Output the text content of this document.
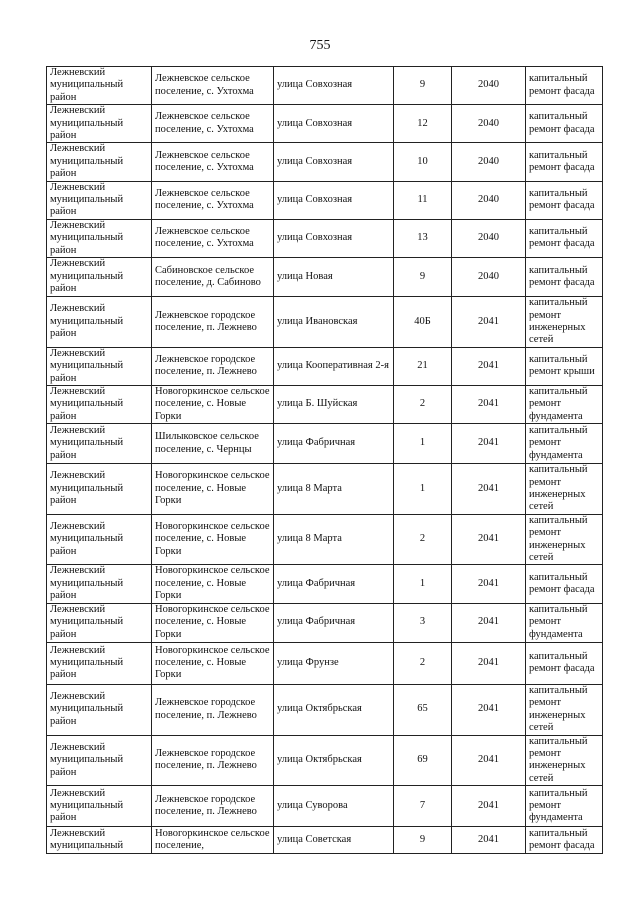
755
Лежневский муниципальный район	Лежневское сельское поселение, с. Ухтохма	улица Совхозная	9	2040	капитальный ремонт фасада
Лежневский муниципальный район	Лежневское сельское поселение, с. Ухтохма	улица Совхозная	12	2040	капитальный ремонт фасада
Лежневский муниципальный район	Лежневское сельское поселение, с. Ухтохма	улица Совхозная	10	2040	капитальный ремонт фасада
Лежневский муниципальный район	Лежневское сельское поселение, с. Ухтохма	улица Совхозная	11	2040	капитальный ремонт фасада
Лежневский муниципальный район	Лежневское сельское поселение, с. Ухтохма	улица Совхозная	13	2040	капитальный ремонт фасада
Лежневский муниципальный район	Сабиновское сельское поселение, д. Сабиново	улица Новая	9	2040	капитальный ремонт фасада
Лежневский муниципальный район	Лежневское городское поселение, п. Лежнево	улица Ивановская	40Б	2041	капитальный ремонт инженерных сетей
Лежневский муниципальный район	Лежневское городское поселение, п. Лежнево	улица Кооперативная 2-я	21	2041	капитальный ремонт крыши
Лежневский муниципальный район	Новогоркинское сельское поселение, с. Новые Горки	улица Б. Шуйская	2	2041	капитальный ремонт фундамента
Лежневский муниципальный район	Шилыковское сельское поселение, с. Чернцы	улица Фабричная	1	2041	капитальный ремонт фундамента
Лежневский муниципальный район	Новогоркинское сельское поселение, с. Новые Горки	улица 8 Марта	1	2041	капитальный ремонт инженерных сетей
Лежневский муниципальный район	Новогоркинское сельское поселение, с. Новые Горки	улица 8 Марта	2	2041	капитальный ремонт инженерных сетей
Лежневский муниципальный район	Новогоркинское сельское поселение, с. Новые Горки	улица Фабричная	1	2041	капитальный ремонт фасада
Лежневский муниципальный район	Новогоркинское сельское поселение, с. Новые Горки	улица Фабричная	3	2041	капитальный ремонт фундамента
Лежневский муниципальный район	Новогоркинское сельское поселение, с. Новые Горки	улица Фрунзе	2	2041	капитальный ремонт фасада
Лежневский муниципальный район	Лежневское городское поселение, п. Лежнево	улица Октябрьская	65	2041	капитальный ремонт инженерных сетей
Лежневский муниципальный район	Лежневское городское поселение, п. Лежнево	улица Октябрьская	69	2041	капитальный ремонт инженерных сетей
Лежневский муниципальный район	Лежневское городское поселение, п. Лежнево	улица Суворова	7	2041	капитальный ремонт фундамента
Лежневский муниципальный	Новогоркинское сельское поселение,	улица Советская	9	2041	капитальный ремонт фасада
